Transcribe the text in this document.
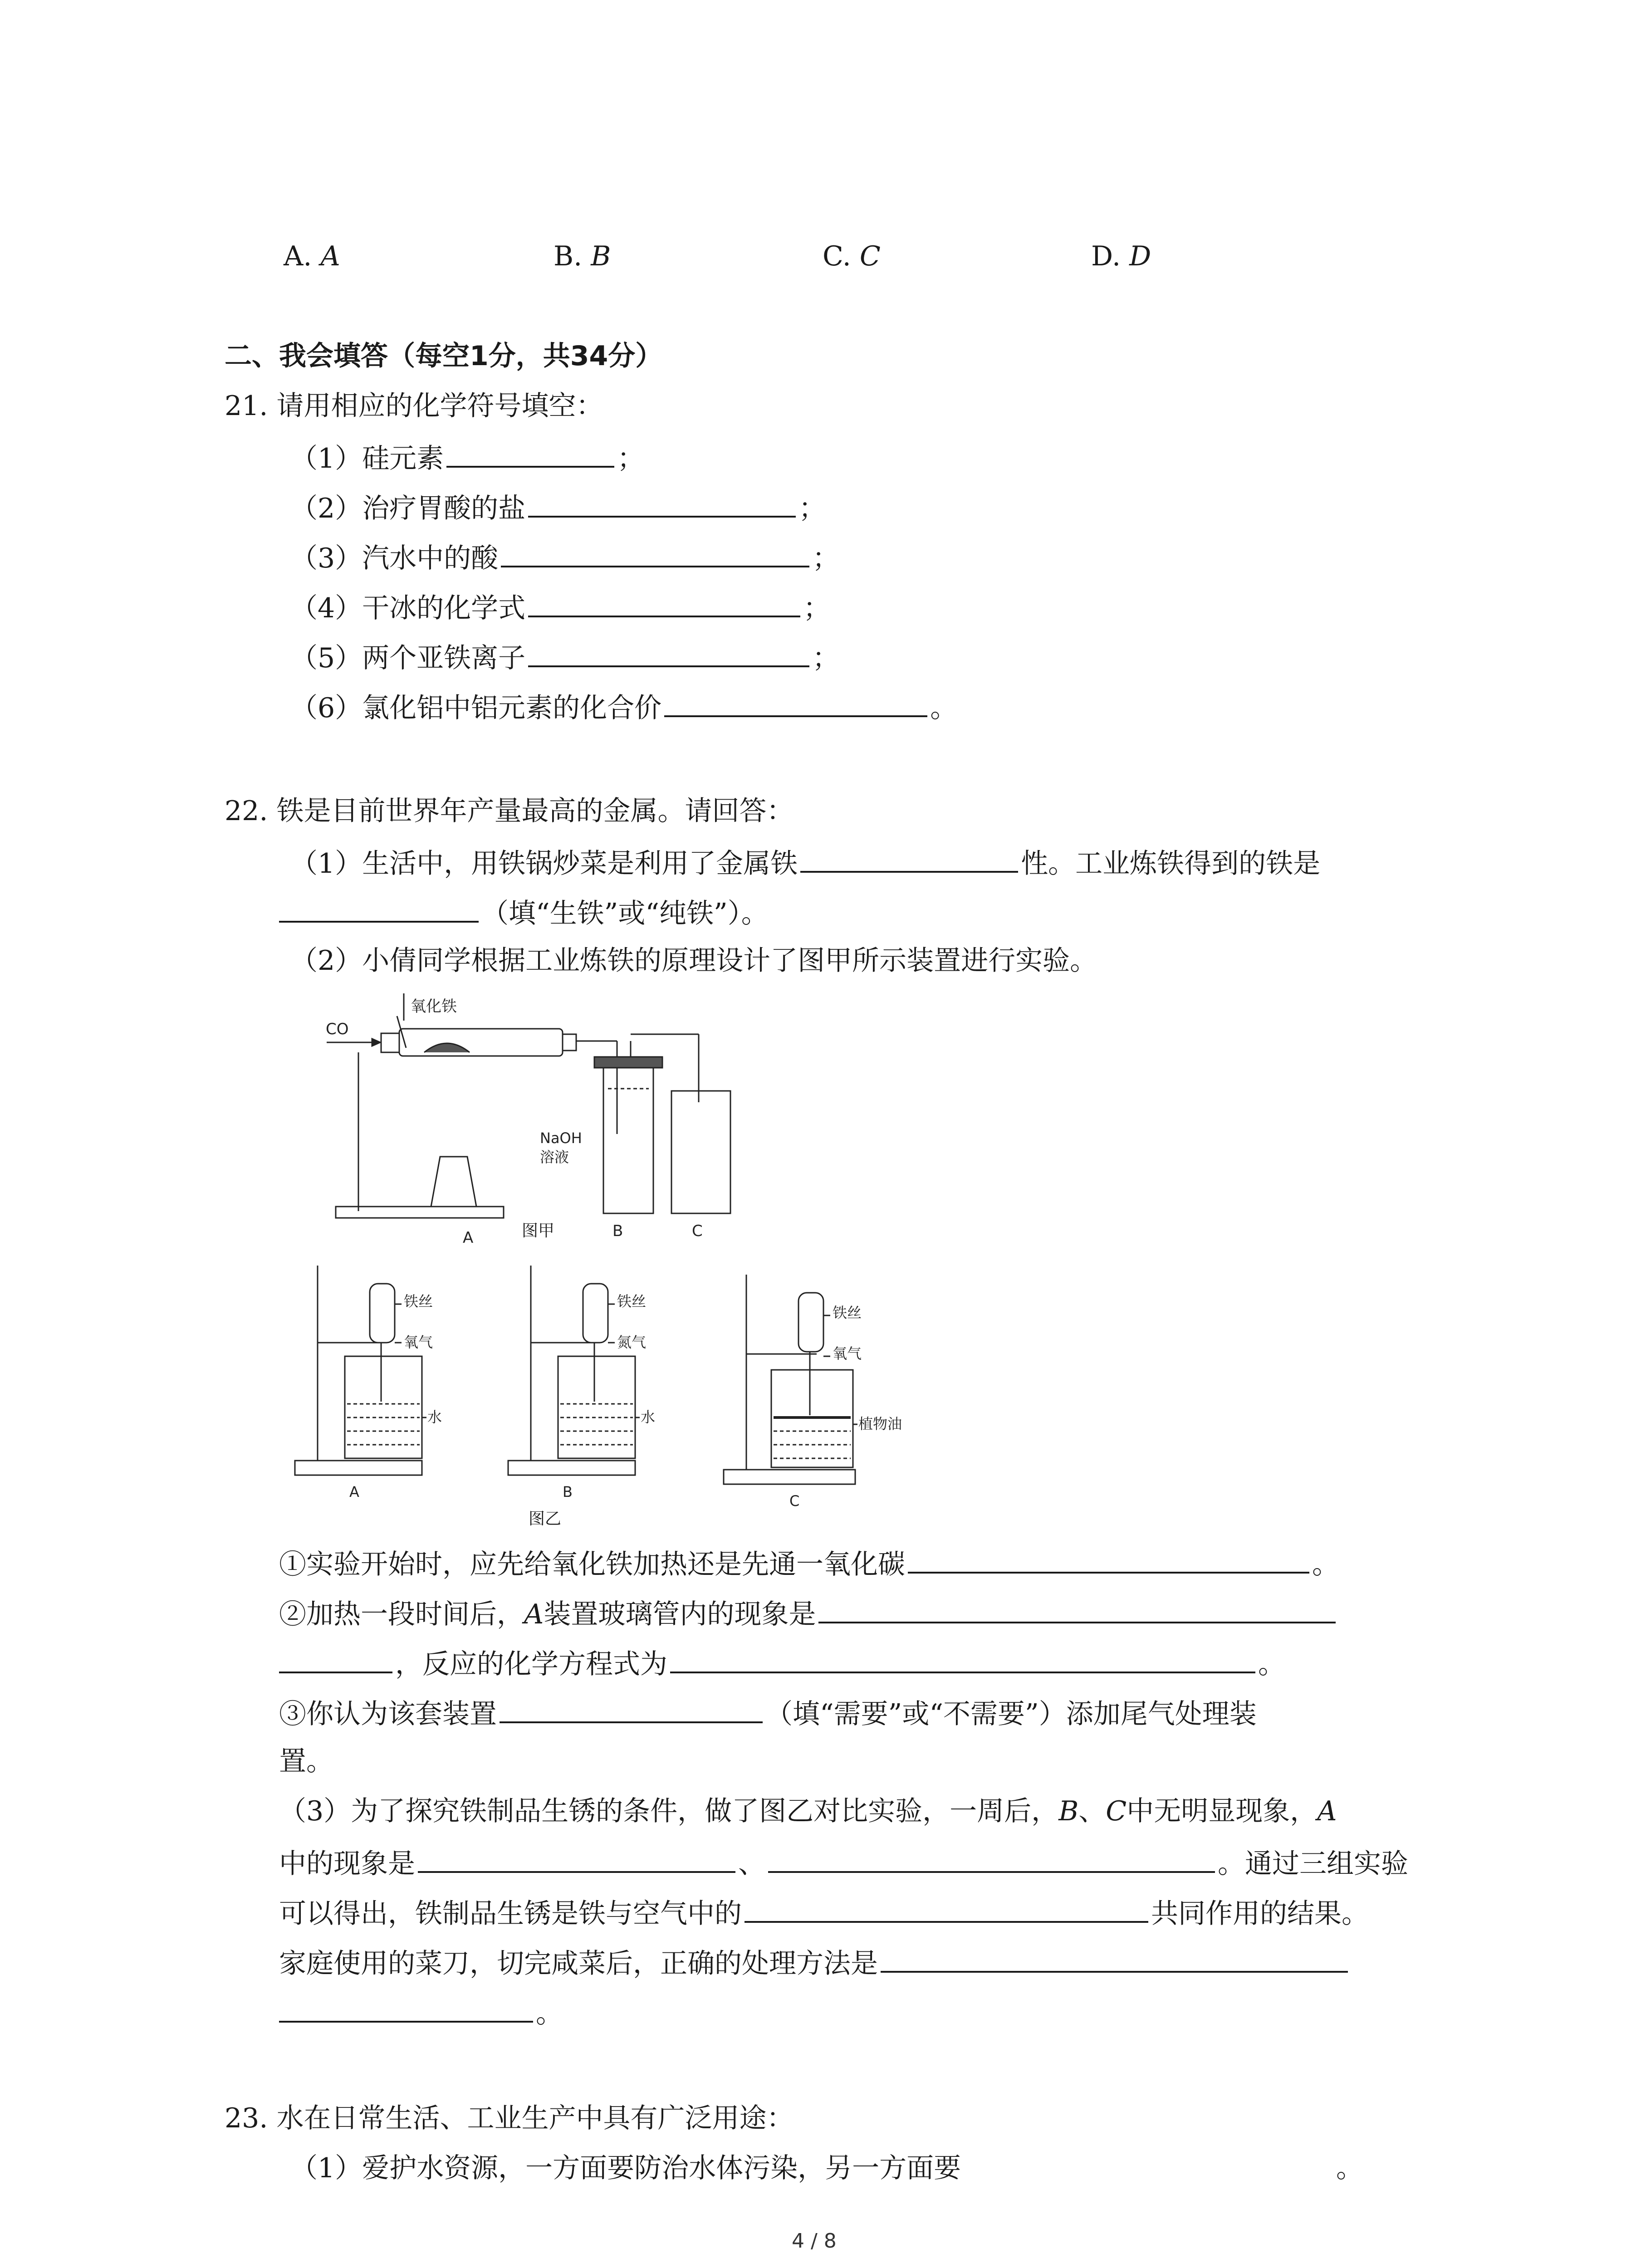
A. A	B. B	C. C	D. D
二、我会填答（每空1分，共34分）
21. 请用相应的化学符号填空：
（1）硅元素	；
（2）治疗胃酸的盐	；
（3）汽水中的酸	；
（4）干冰的化学式	；
（5）两个亚铁离子	；
（6）氯化铝中铝元素的化合价	。
22. 铁是目前世界年产量最高的金属。请回答：
（1）生活中，用铁锅炒菜是利用了金属铁	性。工业炼铁得到的铁是
（填“生铁”或“纯铁”）。
（2）小倩同学根据工业炼铁的原理设计了图甲所示装置进行实验。
CO
氧化铁
NaOH
溶液
A	B	C
图甲
铁丝
氧气
水
A
铁丝
氮气
水
B
铁丝
氧气
植物油
C
图乙
①实验开始时，应先给氧化铁加热还是先通一氧化碳	。
②加热一段时间后，A装置玻璃管内的现象是
，反应的化学方程式为	。
③你认为该套装置	（填“需要”或“不需要”）添加尾气处理装
置。
（3）为了探究铁制品生锈的条件，做了图乙对比实验，一周后，B、C中无明显现象，A
中的现象是	、	。通过三组实验
可以得出，铁制品生锈是铁与空气中的	共同作用的结果。
家庭使用的菜刀，切完咸菜后，正确的处理方法是
。
23. 水在日常生活、工业生产中具有广泛用途：
（1）爱护水资源，一方面要防治水体污染，另一方面要	。
4 / 8
